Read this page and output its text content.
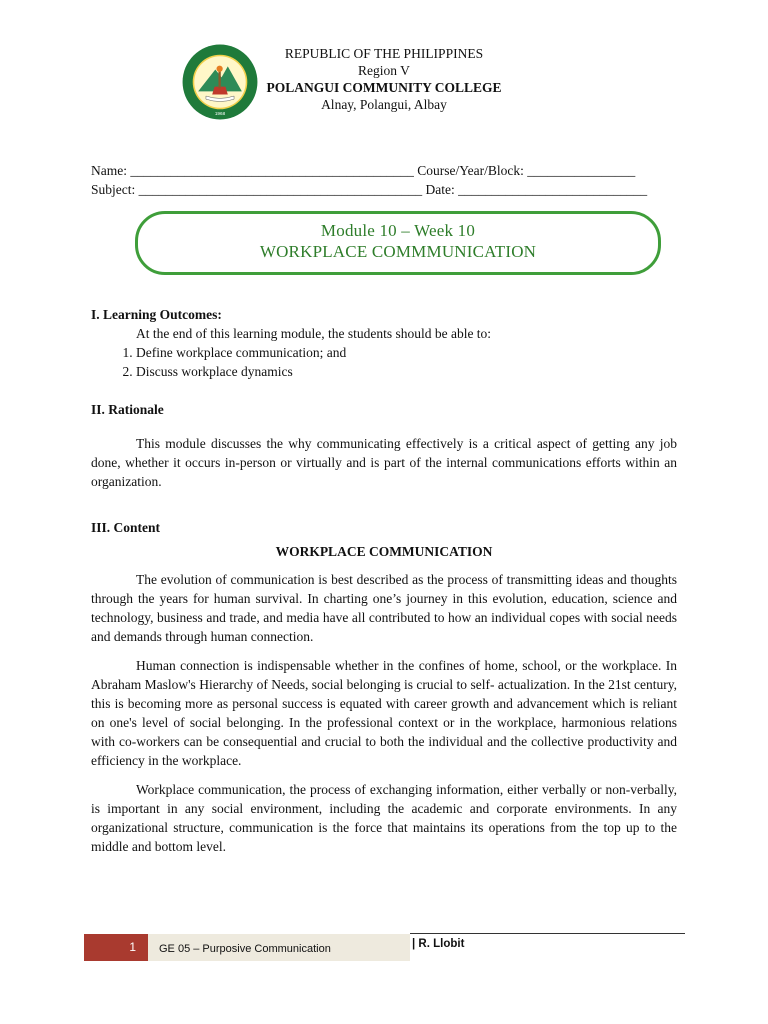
1968
REPUBLIC OF THE PHILIPPINES
Region V
POLANGUI COMMUNITY COLLEGE
Alnay, Polangui, Albay
Name: __________________________________________ Course/Year/Block: ________________
Subject: __________________________________________ Date: ____________________________
Module 10 – Week 10
WORKPLACE COMMMUNICATION
I. Learning Outcomes:
At the end of this learning module, the students should be able to:
1. Define workplace communication; and
2. Discuss workplace dynamics
II. Rationale

This module discusses the why communicating effectively is a critical aspect of getting any job done, whether it occurs in-person or virtually and is part of the internal communications efforts within an organization.

III. Content
WORKPLACE COMMUNICATION

The evolution of communication is best described as the process of transmitting ideas and thoughts through the years for human survival. In charting one’s journey in this evolution, education, science and technology, business and trade, and media have all contributed to how an individual copes with social needs and demands through human connection.

Human connection is indispensable whether in the confines of home, school, or the workplace. In Abraham Maslow's Hierarchy of Needs, social belonging is crucial to self- actualization. In the 21st century, this is becoming more as personal success is equated with career growth and advancement which is reliant on one's level of social belonging. In the professional context or in the workplace, harmonious relations with co-workers can be consequential and crucial to both the individual and the collective productivity and efficiency in the workplace.

Workplace communication, the process of exchanging information, either verbally or non-verbally, is important in any social environment, including the academic and corporate environments. In any organizational structure, communication is the force that maintains its operations from the top up to the middle and bottom level.

1	GE 05 – Purposive Communication	| R. Llobit
